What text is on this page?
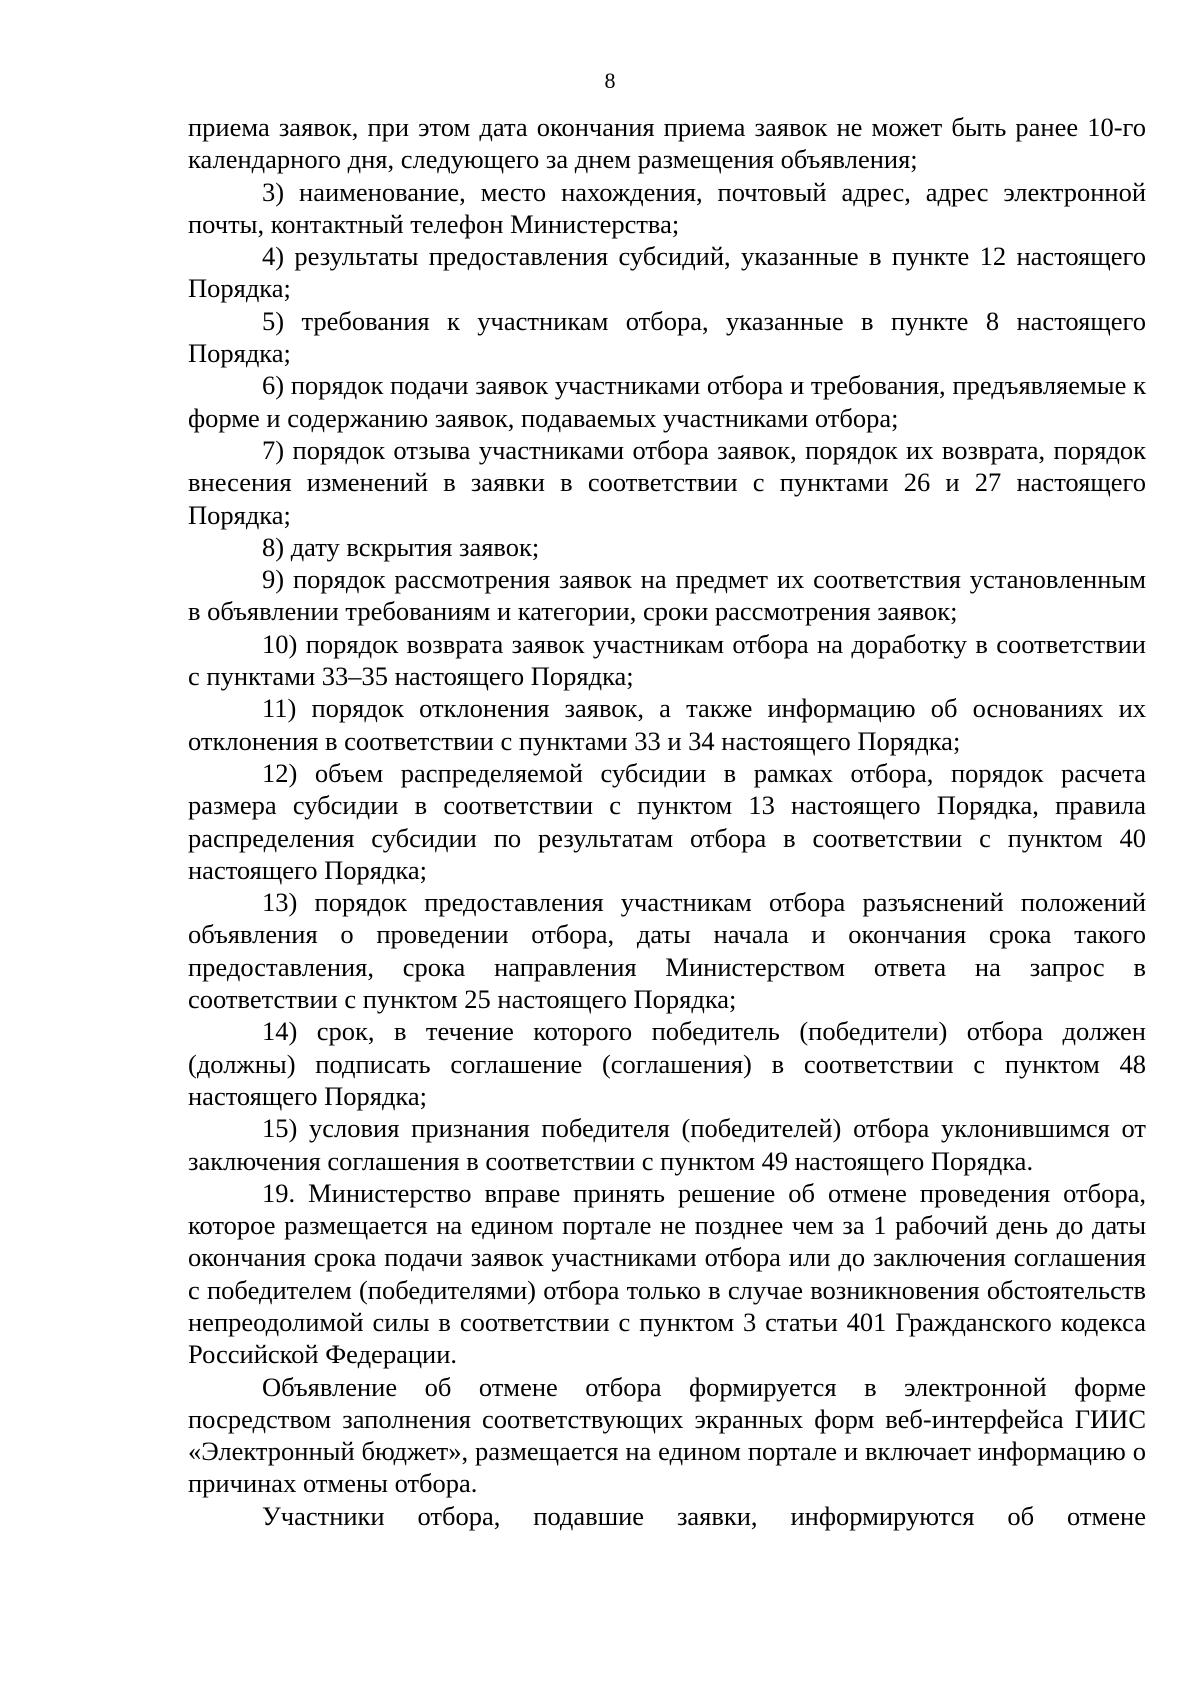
8

приема заявок, при этом дата окончания приема заявок не может быть ранее 10-го календарного дня, следующего за днем размещения объявления;

3) наименование, место нахождения, почтовый адрес, адрес электронной почты, контактный телефон Министерства;

4) результаты предоставления субсидий, указанные в пункте 12 настоящего Порядка;

5) требования к участникам отбора, указанные в пункте 8 настоящего Порядка;

6) порядок подачи заявок участниками отбора и требования, предъявляемые к форме и содержанию заявок, подаваемых участниками отбора;

7) порядок отзыва участниками отбора заявок, порядок их возврата, порядок внесения изменений в заявки в соответствии с пунктами 26 и 27 настоящего Порядка;

8) дату вскрытия заявок;

9) порядок рассмотрения заявок на предмет их соответствия установленным в объявлении требованиям и категории, сроки рассмотрения заявок;

10) порядок возврата заявок участникам отбора на доработку в соответствии с пунктами 33–35 настоящего Порядка;

11) порядок отклонения заявок, а также информацию об основаниях их отклонения в соответствии с пунктами 33 и 34 настоящего Порядка;

12) объем распределяемой субсидии в рамках отбора, порядок расчета размера субсидии в соответствии с пунктом 13 настоящего Порядка, правила распределения субсидии по результатам отбора в соответствии с пунктом 40 настоящего Порядка;

13) порядок предоставления участникам отбора разъяснений положений объявления о проведении отбора, даты начала и окончания срока такого предоставления, срока направления Министерством ответа на запрос в соответствии с пунктом 25 настоящего Порядка;

14) срок, в течение которого победитель (победители) отбора должен (должны) подписать соглашение (соглашения) в соответствии с пунктом 48 настоящего Порядка;

15) условия признания победителя (победителей) отбора уклонившимся от заключения соглашения в соответствии с пунктом 49 настоящего Порядка.

19. Министерство вправе принять решение об отмене проведения отбора, которое размещается на едином портале не позднее чем за 1 рабочий день до даты окончания срока подачи заявок участниками отбора или до заключения соглашения с победителем (победителями) отбора только в случае возникновения обстоятельств непреодолимой силы в соответствии с пунктом 3 статьи 401 Гражданского кодекса Российской Федерации.

Объявление об отмене отбора формируется в электронной форме посредством заполнения соответствующих экранных форм веб-интерфейса ГИИС «Электронный бюджет», размещается на едином портале и включает информацию о причинах отмены отбора.

Участники отбора, подавшие заявки, информируются об отмене
